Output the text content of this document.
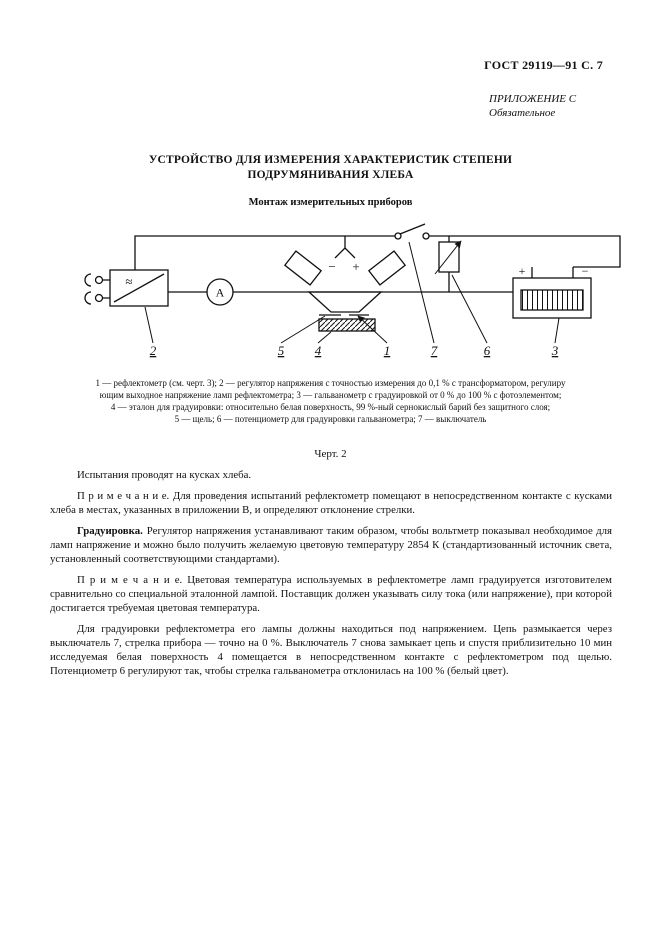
ГОСТ 29119—91 С. 7
ПРИЛОЖЕНИЕ С
Обязательное
УСТРОЙСТВО ДЛЯ ИЗМЕРЕНИЯ ХАРАКТЕРИСТИК СТЕПЕНИ
ПОДРУМЯНИВАНИЯ ХЛЕБА
Монтаж измерительных приборов
≈
A
− +	+	−
2	5 4	1	7	6	3
1 — рефлектометр (см. черт. 3); 2 — регулятор напряжения с точностью измерения до 0,1 % с трансформатором, регулиру
ющим выходное напряжение ламп рефлектометра; 3 — гальванометр с градуировкой от 0 % до 100 % с фотоэлементом;
4 — эталон для градуировки: относительно белая поверхность, 99 %-ный сернокислый барий без защитного слоя;
5 — щель; 6 — потенциометр для градуировки гальванометра; 7 — выключатель
Черт. 2

Испытания проводят на кусках хлеба.

П р и м е ч а н и е. Для проведения испытаний рефлектометр помещают в непосредственном контакте с кусками хлеба в местах, указанных в приложении В, и определяют отклонение стрелки.

Градуировка. Регулятор напряжения устанавливают таким образом, чтобы вольтметр показывал необходимое для ламп напряжение и можно было получить желаемую цветовую температуру 2854 К (стандартизованный источник света, установленный соответствующими стандартами).

П р и м е ч а н и е. Цветовая температура используемых в рефлектометре ламп градуируется изготовителем сравнительно со специальной эталонной лампой. Поставщик должен указывать силу тока (или напряжение), при которой достигается требуемая цветовая температура.

Для градуировки рефлектометра его лампы должны находиться под напряжением. Цепь размыкается через выключатель 7, стрелка прибора — точно на 0 %. Выключатель 7 снова замыкает цепь и спустя приблизительно 10 мин исследуемая белая поверхность 4 помещается в непосредственном контакте с рефлектометром под щелью. Потенциометр 6 регулируют так, чтобы стрелка гальванометра отклонилась на 100 % (белый цвет).
